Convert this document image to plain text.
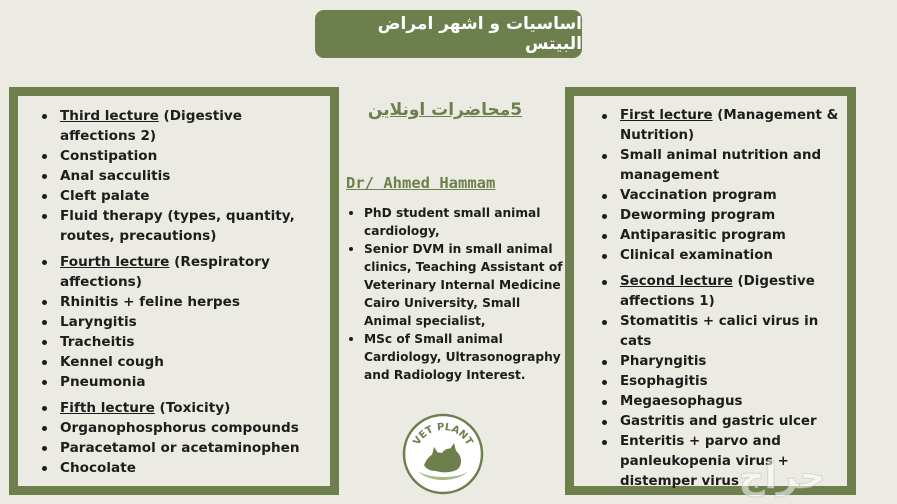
اساسيات و اشهر امراض البيتس
Third lecture (Digestive affections 2)
Constipation
Anal sacculitis
Cleft palate
Fluid therapy (types, quantity, routes, precautions)
Fourth lecture (Respiratory affections)
Rhinitis + feline herpes
Laryngitis
Tracheitis
Kennel cough
Pneumonia
Fifth lecture (Toxicity)
Organophosphorus compounds
Paracetamol or acetaminophen
Chocolate
5محاضرات اونلاين
Dr/ Ahmed Hammam
PhD student small animal cardiology,
Senior DVM in small animal clinics, Teaching Assistant of Veterinary Internal Medicine Cairo University, Small Animal specialist,
MSc of Small animal Cardiology, Ultrasonography and Radiology Interest.
VET PLANT
First lecture (Management & Nutrition)
Small animal nutrition and management
Vaccination program
Deworming program
Antiparasitic program
Clinical examination
Second lecture (Digestive affections 1)
Stomatitis + calici virus in cats
Pharyngitis
Esophagitis
Megaesophagus
Gastritis and gastric ulcer
Enteritis + parvo and panleukopenia virus + distemper virus حراج
